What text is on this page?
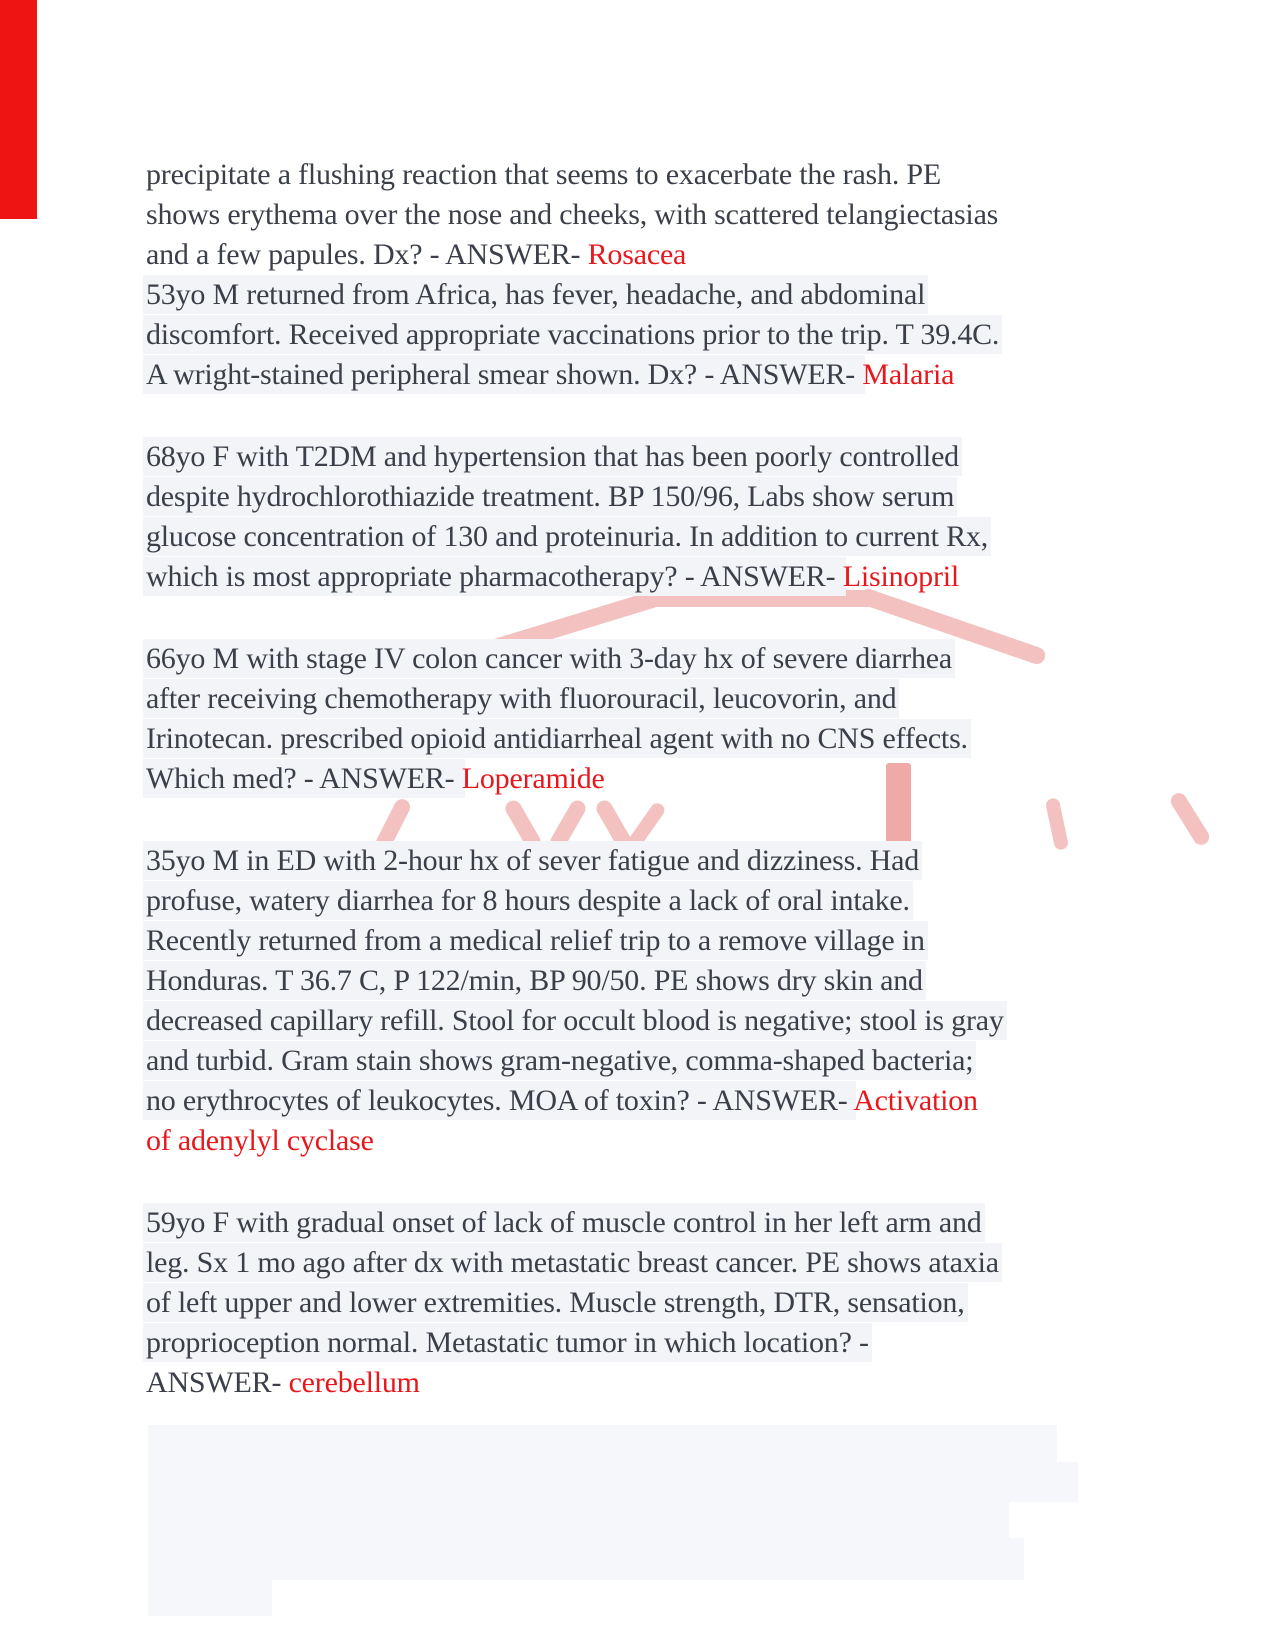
precipitate a flushing reaction that seems to exacerbate the rash. PE
shows erythema over the nose and cheeks, with scattered telangiectasias
and a few papules. Dx? - ANSWER- Rosacea
53yo M returned from Africa, has fever, headache, and abdominal
discomfort. Received appropriate vaccinations prior to the trip. T 39.4C.
A wright-stained peripheral smear shown. Dx? - ANSWER- Malaria
68yo F with T2DM and hypertension that has been poorly controlled
despite hydrochlorothiazide treatment. BP 150/96, Labs show serum
glucose concentration of 130 and proteinuria. In addition to current Rx,
which is most appropriate pharmacotherapy? - ANSWER- Lisinopril
66yo M with stage IV colon cancer with 3-day hx of severe diarrhea
after receiving chemotherapy with fluorouracil, leucovorin, and
Irinotecan. prescribed opioid antidiarrheal agent with no CNS effects.
Which med? - ANSWER- Loperamide
35yo M in ED with 2-hour hx of sever fatigue and dizziness. Had
profuse, watery diarrhea for 8 hours despite a lack of oral intake.
Recently returned from a medical relief trip to a remove village in
Honduras. T 36.7 C, P 122/min, BP 90/50. PE shows dry skin and
decreased capillary refill. Stool for occult blood is negative; stool is gray
and turbid. Gram stain shows gram-negative, comma-shaped bacteria;
no erythrocytes of leukocytes. MOA of toxin? - ANSWER- Activation
of adenylyl cyclase
59yo F with gradual onset of lack of muscle control in her left arm and
leg. Sx 1 mo ago after dx with metastatic breast cancer. PE shows ataxia
of left upper and lower extremities. Muscle strength, DTR, sensation,
proprioception normal. Metastatic tumor in which location? -
ANSWER- cerebellum
